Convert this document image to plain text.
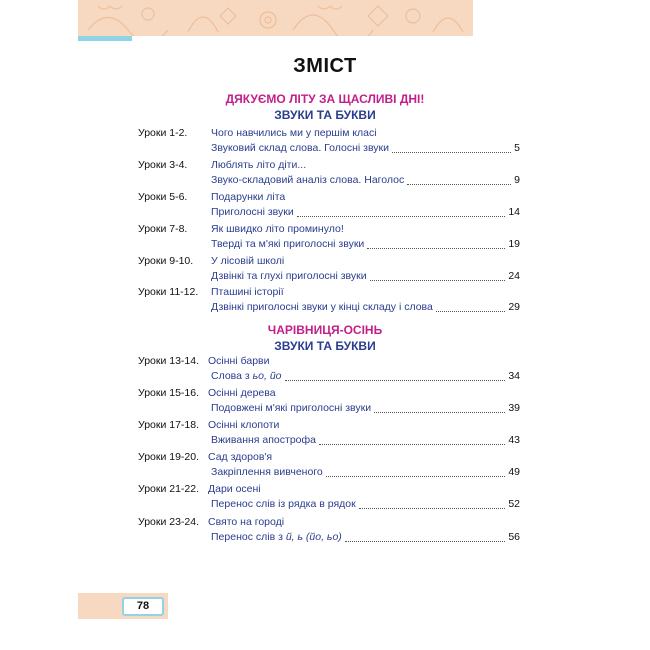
ЗМІСТ
ДЯКУЄМО ЛІТУ ЗА ЩАСЛИВІ ДНІ!
ЗВУКИ ТА БУКВИ
Уроки 1-2. Чого навчились ми у першім класі
Звуковий склад слова. Голосні звуки	5
Уроки 3-4. Люблять літо діти...
Звуко-складовий аналіз слова. Наголос	9
Уроки 5-6. Подарунки літа
Приголосні звуки	14
Уроки 7-8. Як швидко літо проминуло!
Тверді та м'які приголосні звуки	19
Уроки 9-10. У лісовій школі
Дзвінкі та глухі приголосні звуки	24
Уроки 11-12. Пташині історії
Дзвінкі приголосні звуки у кінці складу і слова	29
ЧАРІВНИЦЯ-ОСІНЬ
ЗВУКИ ТА БУКВИ
Уроки 13-14. Осінні барви
Слова з ьо, йо	34
Уроки 15-16. Осінні дерева
Подовжені м'які приголосні звуки	39
Уроки 17-18. Осінні клопоти
Вживання апострофа	43
Уроки 19-20. Сад здоров'я
Закріплення вивченого	49
Уроки 21-22. Дари осені
Перенос слів із рядка в рядок	52
Уроки 23-24. Свято на городі
Перенос слів з й, ь (йо, ьо)	56
78
